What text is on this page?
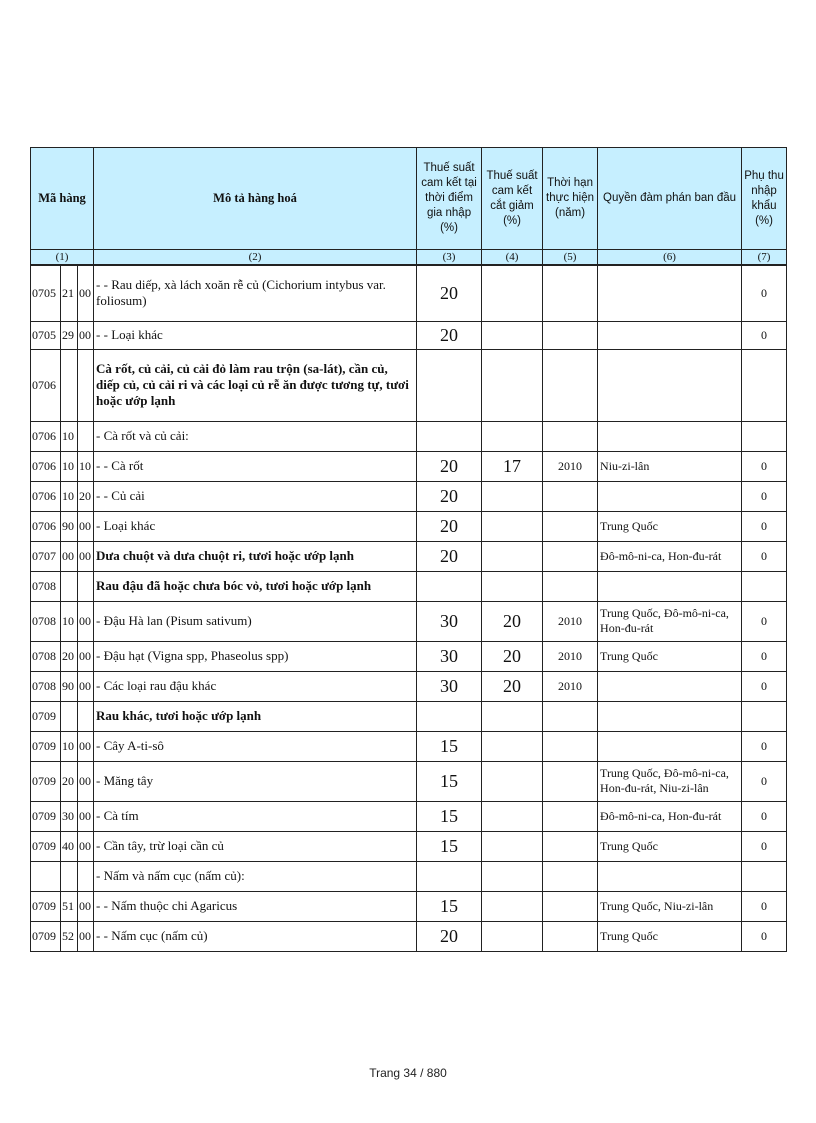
Mã hàng			Mô tả hàng hoá	Thuế suất cam kết tại thời điểm gia nhập (%)	Thuế suất cam kết cắt giảm (%)	Thời hạn thực hiện (năm)	Quyền đàm phán ban đầu	Phụ thu nhập khẩu (%)
(1)			(2)	(3)	(4)	(5)	(6)	(7)
0705	21	00	- - Rau diếp, xà lách xoăn rễ củ (Cichorium intybus var. foliosum)	20				0
0705	29	00	- - Loại khác	20				0
0706			Cà rốt, củ cải, củ cải đỏ làm rau trộn (sa-lát), cần củ, diếp củ, củ cải ri và các loại củ rễ ăn được tương tự, tươi hoặc ướp lạnh					
0706	10		- Cà rốt và củ cải:					
0706	10	10	- - Cà rốt	20	17	2010	Niu-zi-lân	0
0706	10	20	- - Củ cải	20				0
0706	90	00	- Loại khác	20			Trung Quốc	0
0707	00	00	Dưa chuột và dưa chuột ri, tươi hoặc ướp lạnh	20			Đô-mô-ni-ca, Hon-đu-rát	0
0708			Rau đậu đã hoặc chưa bóc vỏ, tươi hoặc ướp lạnh					
0708	10	00	- Đậu Hà lan (Pisum sativum)	30	20	2010	Trung Quốc, Đô-mô-ni-ca, Hon-đu-rát	0
0708	20	00	- Đậu hạt (Vigna spp, Phaseolus spp)	30	20	2010	Trung Quốc	0
0708	90	00	- Các loại rau đậu khác	30	20	2010		0
0709			Rau khác, tươi hoặc ướp lạnh					
0709	10	00	- Cây A-ti-sô	15				0
0709	20	00	- Măng tây	15			Trung Quốc, Đô-mô-ni-ca, Hon-đu-rát, Niu-zi-lân	0
0709	30	00	- Cà tím	15			Đô-mô-ni-ca, Hon-đu-rát	0
0709	40	00	- Cần tây, trừ loại cần củ	15			Trung Quốc	0
			- Nấm và nấm cục (nấm củ):					
0709	51	00	- - Nấm thuộc chi Agaricus	15			Trung Quốc, Niu-zi-lân	0
0709	52	00	- - Nấm cục (nấm củ)	20			Trung Quốc	0
Trang 34 / 880
